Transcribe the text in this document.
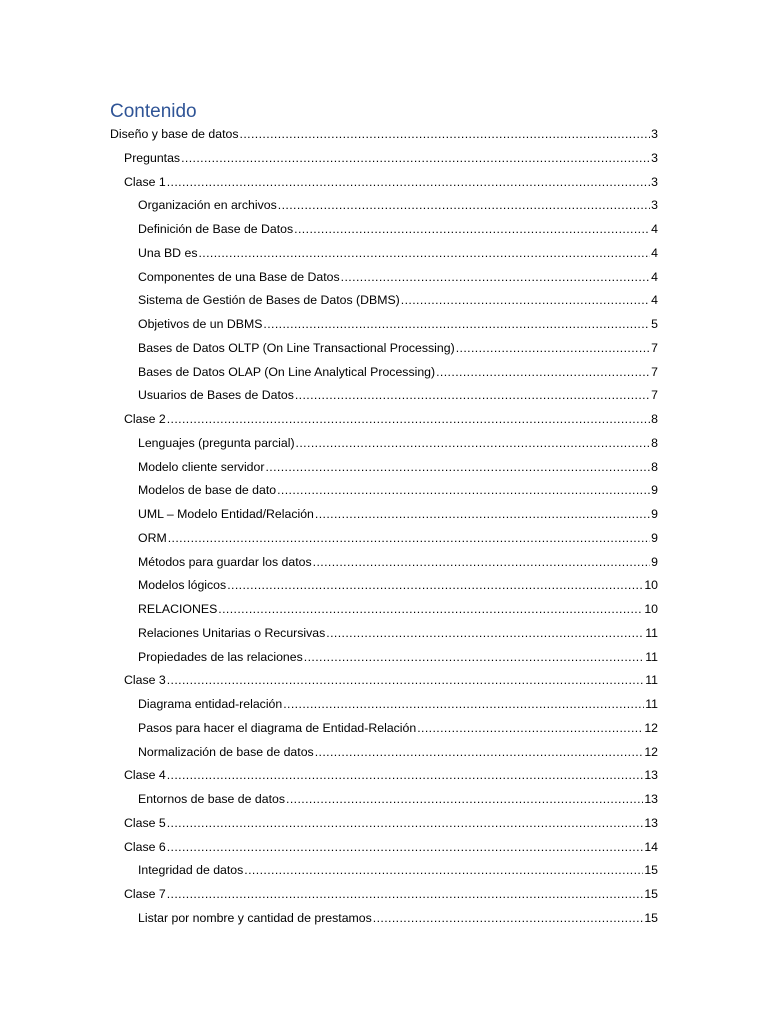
Contenido
Diseño y base de datos .....	3
Preguntas .....	3
Clase 1 .....	3
Organización en archivos .....	3
Definición de Base de Datos .....	4
Una BD es .....	4
Componentes de una Base de Datos .....	4
Sistema de Gestión de Bases de Datos (DBMS) .....	4
Objetivos de un DBMS .....	5
Bases de Datos OLTP (On Line Transactional Processing) .....	7
Bases de Datos OLAP (On Line Analytical Processing) .....	7
Usuarios de Bases de Datos .....	7
Clase 2 .....	8
Lenguajes (pregunta parcial) .....	8
Modelo cliente servidor .....	8
Modelos de base de dato .....	9
UML – Modelo Entidad/Relación .....	9
ORM .....	9
Métodos para guardar los datos .....	9
Modelos lógicos .....	10
RELACIONES .....	10
Relaciones Unitarias o Recursivas .....	11
Propiedades de las relaciones .....	11
Clase 3 .....	11
Diagrama entidad-relación .....	11
Pasos para hacer el diagrama de Entidad-Relación .....	12
Normalización de base de datos .....	12
Clase 4 .....	13
Entornos de base de datos .....	13
Clase 5 .....	13
Clase 6 .....	14
Integridad de datos .....	15
Clase 7 .....	15
Listar por nombre y cantidad de prestamos .....	15
